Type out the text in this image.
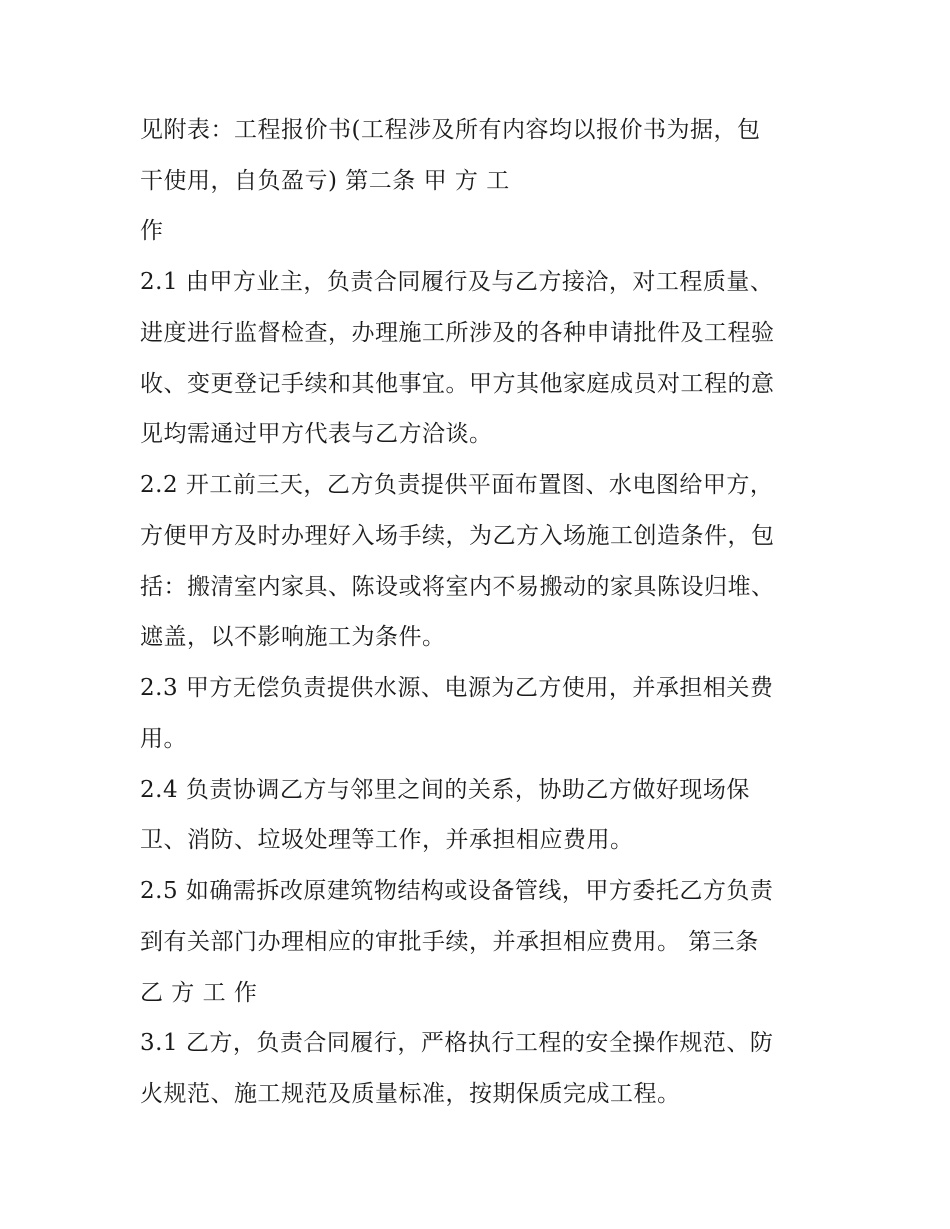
见附表：工程报价书(工程涉及所有内容均以报价书为据，包

干使用，自负盈亏) 第二条 甲 方 工

作

2.1 由甲方业主，负责合同履行及与乙方接洽，对工程质量、

进度进行监督检查，办理施工所涉及的各种申请批件及工程验

收、变更登记手续和其他事宜。甲方其他家庭成员对工程的意

见均需通过甲方代表与乙方洽谈。

2.2 开工前三天，乙方负责提供平面布置图、水电图给甲方，

方便甲方及时办理好入场手续，为乙方入场施工创造条件，包

括：搬清室内家具、陈设或将室内不易搬动的家具陈设归堆、

遮盖，以不影响施工为条件。

2.3 甲方无偿负责提供水源、电源为乙方使用，并承担相关费

用。

2.4 负责协调乙方与邻里之间的关系，协助乙方做好现场保

卫、消防、垃圾处理等工作，并承担相应费用。

2.5 如确需拆改原建筑物结构或设备管线，甲方委托乙方负责

到有关部门办理相应的审批手续，并承担相应费用。 第三条

乙 方 工 作

3.1 乙方，负责合同履行，严格执行工程的安全操作规范、防

火规范、施工规范及质量标准，按期保质完成工程。
